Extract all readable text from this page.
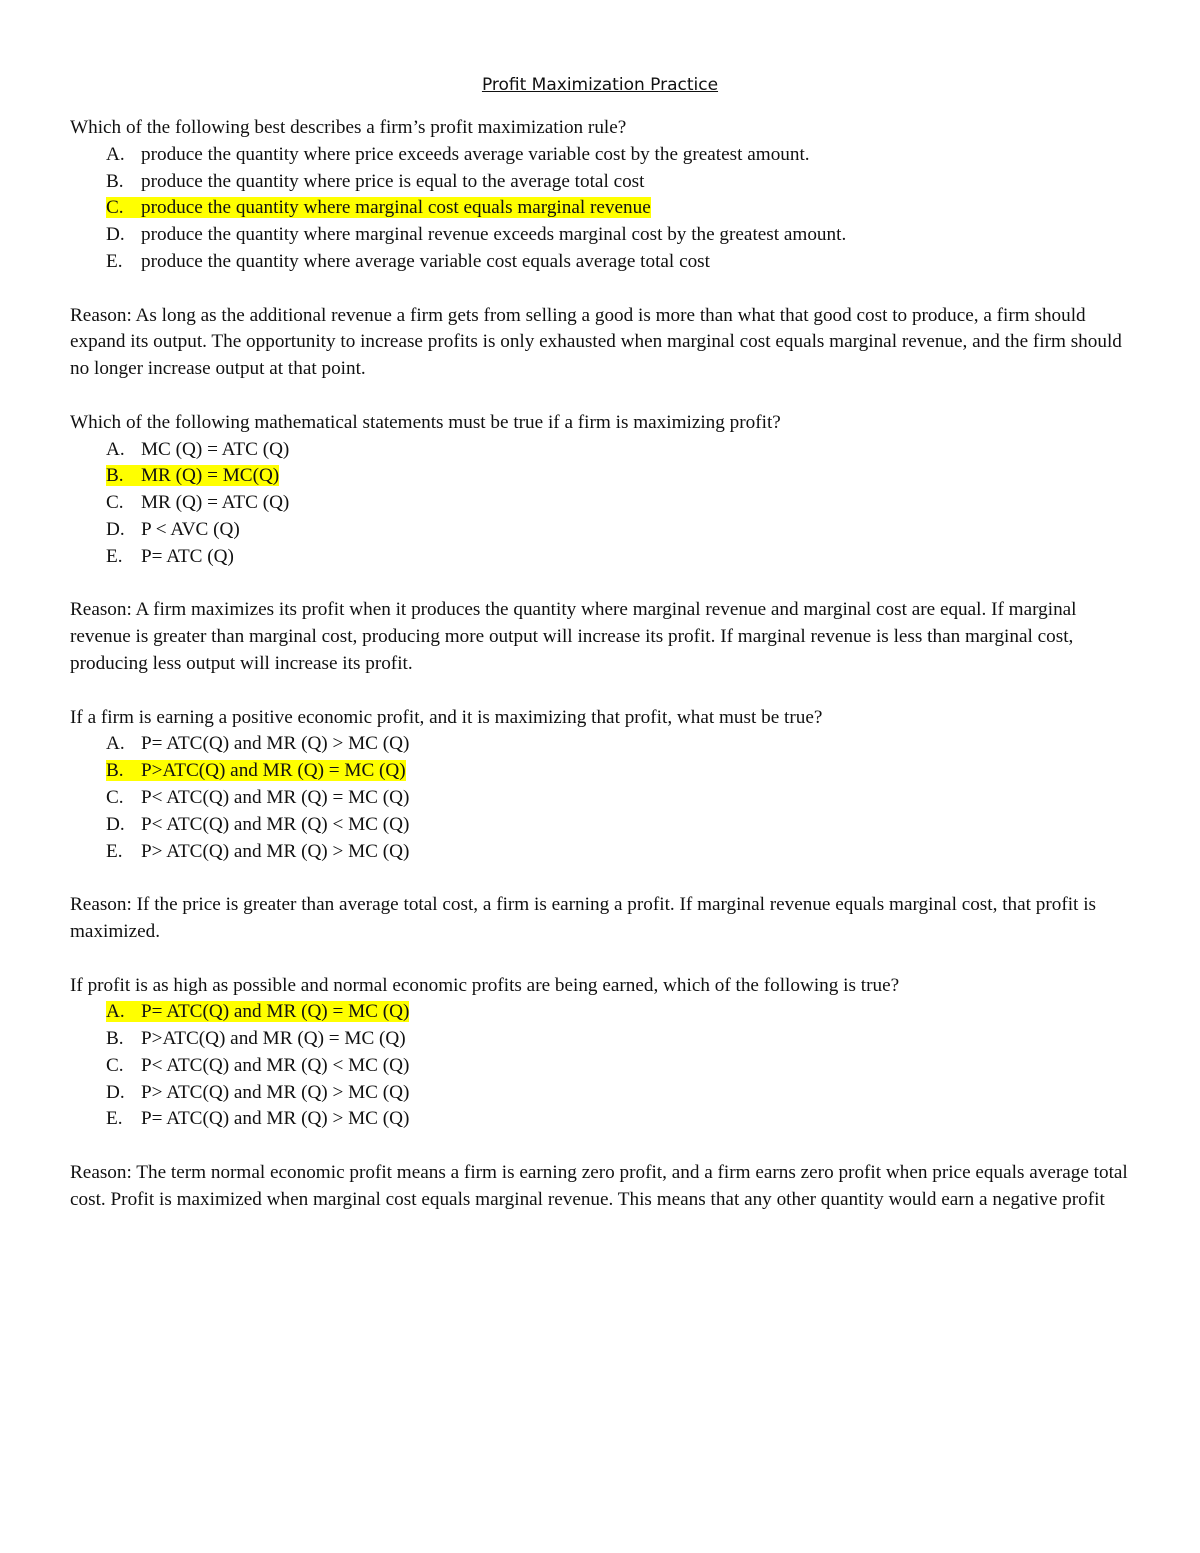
Profit Maximization Practice

Which of the following best describes a firm’s profit maximization rule?

A. produce the quantity where price exceeds average variable cost by the greatest amount.
B. produce the quantity where price is equal to the average total cost
C. produce the quantity where marginal cost equals marginal revenue
D. produce the quantity where marginal revenue exceeds marginal cost by the greatest amount.
E. produce the quantity where average variable cost equals average total cost

Reason: As long as the additional revenue a firm gets from selling a good is more than what that good cost to produce, a firm should expand its output. The opportunity to increase profits is only exhausted when marginal cost equals marginal revenue, and the firm should no longer increase output at that point.

Which of the following mathematical statements must be true if a firm is maximizing profit?

A. MC (Q) = ATC (Q)
B. MR (Q) = MC(Q)
C. MR (Q) = ATC (Q)
D. P < AVC (Q)
E. P= ATC (Q)

Reason: A firm maximizes its profit when it produces the quantity where marginal revenue and marginal cost are equal. If marginal revenue is greater than marginal cost, producing more output will increase its profit. If marginal revenue is less than marginal cost, producing less output will increase its profit.

If a firm is earning a positive economic profit, and it is maximizing that profit, what must be true?

A. P= ATC(Q) and MR (Q) > MC (Q)
B. P>ATC(Q) and MR (Q) = MC (Q)
C. P< ATC(Q) and MR (Q) = MC (Q)
D. P< ATC(Q) and MR (Q) < MC (Q)
E. P> ATC(Q) and MR (Q) > MC (Q)

Reason: If the price is greater than average total cost, a firm is earning a profit. If marginal revenue equals marginal cost, that profit is maximized.

If profit is as high as possible and normal economic profits are being earned, which of the following is true?

A. P= ATC(Q) and MR (Q) = MC (Q)
B. P>ATC(Q) and MR (Q) = MC (Q)
C. P< ATC(Q) and MR (Q) < MC (Q)
D. P> ATC(Q) and MR (Q) > MC (Q)
E. P= ATC(Q) and MR (Q) > MC (Q)

Reason: The term normal economic profit means a firm is earning zero profit, and a firm earns zero profit when price equals average total cost. Profit is maximized when marginal cost equals marginal revenue. This means that any other quantity would earn a negative profit
